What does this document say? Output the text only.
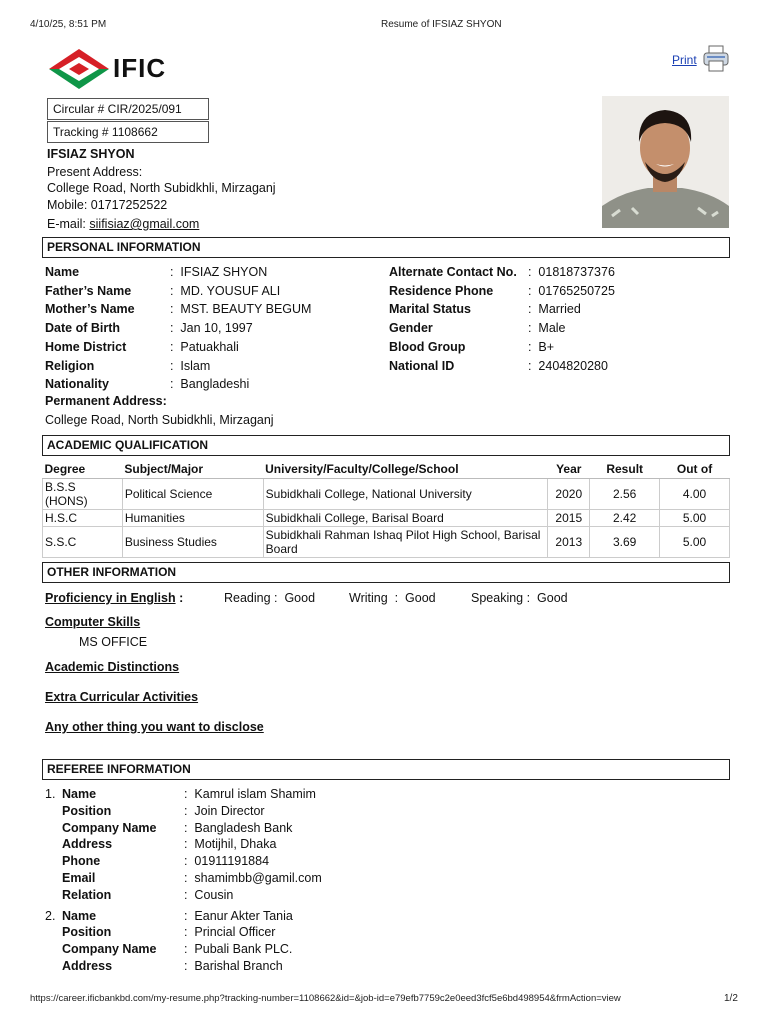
4/10/25, 8:51 PM	Resume of IFSIAZ SHYON
IFIC	Print
Circular # CIR/2025/091
Tracking # 1108662
IFSIAZ SHYON
Present Address:
College Road, North Subidkhli, Mirzaganj
Mobile: 01717252522
E-mail: siifisiaz@gmail.com
PERSONAL INFORMATION
Name	:  IFSIAZ SHYON
Father’s Name	:  MD. YOUSUF ALI
Mother’s Name	:  MST. BEAUTY BEGUM
Date of Birth	:  Jan 10, 1997
Home District	:  Patuakhali
Religion	:  Islam
Nationality	:  Bangladeshi
Alternate Contact No. :  01818737376
Residence Phone	:  01765250725
Marital Status	:  Married
Gender	:  Male
Blood Group	:  B+
National ID	:  2404820280
Permanent Address:
College Road, North Subidkhli, Mirzaganj
ACADEMIC QUALIFICATION
Degree	Subject/Major	University/Faculty/College/School	Year	Result	Out of
B.S.S (HONS)	Political Science	Subidkhali College, National University	2020	2.56	4.00
H.S.C	Humanities	Subidkhali College, Barisal Board	2015	2.42	5.00
S.S.C	Business Studies	Subidkhali Rahman Ishaq Pilot High School, Barisal Board	2013	3.69	5.00
OTHER INFORMATION
Proficiency in English :	Reading :  Good	Writing  :  Good	Speaking :  Good
Computer Skills
MS OFFICE
Academic Distinctions
Extra Curricular Activities
Any other thing you want to disclose
REFEREE INFORMATION
1. Name	:  Kamrul islam Shamim
Position	:  Join Director
Company Name :  Bangladesh Bank
Address	:  Motijhil, Dhaka
Phone	:  01911191884
Email	:  shamimbb@gamil.com
Relation	:  Cousin
2. Name	:  Eanur Akter Tania
Position	:  Princial Officer
Company Name :  Pubali Bank PLC.
Address	:  Barishal Branch
https://career.ificbankbd.com/my-resume.php?tracking-number=1108662&id=&job-id=e79efb7759c2e0eed3fcf5e6bd498954&frmAction=view	1/2
